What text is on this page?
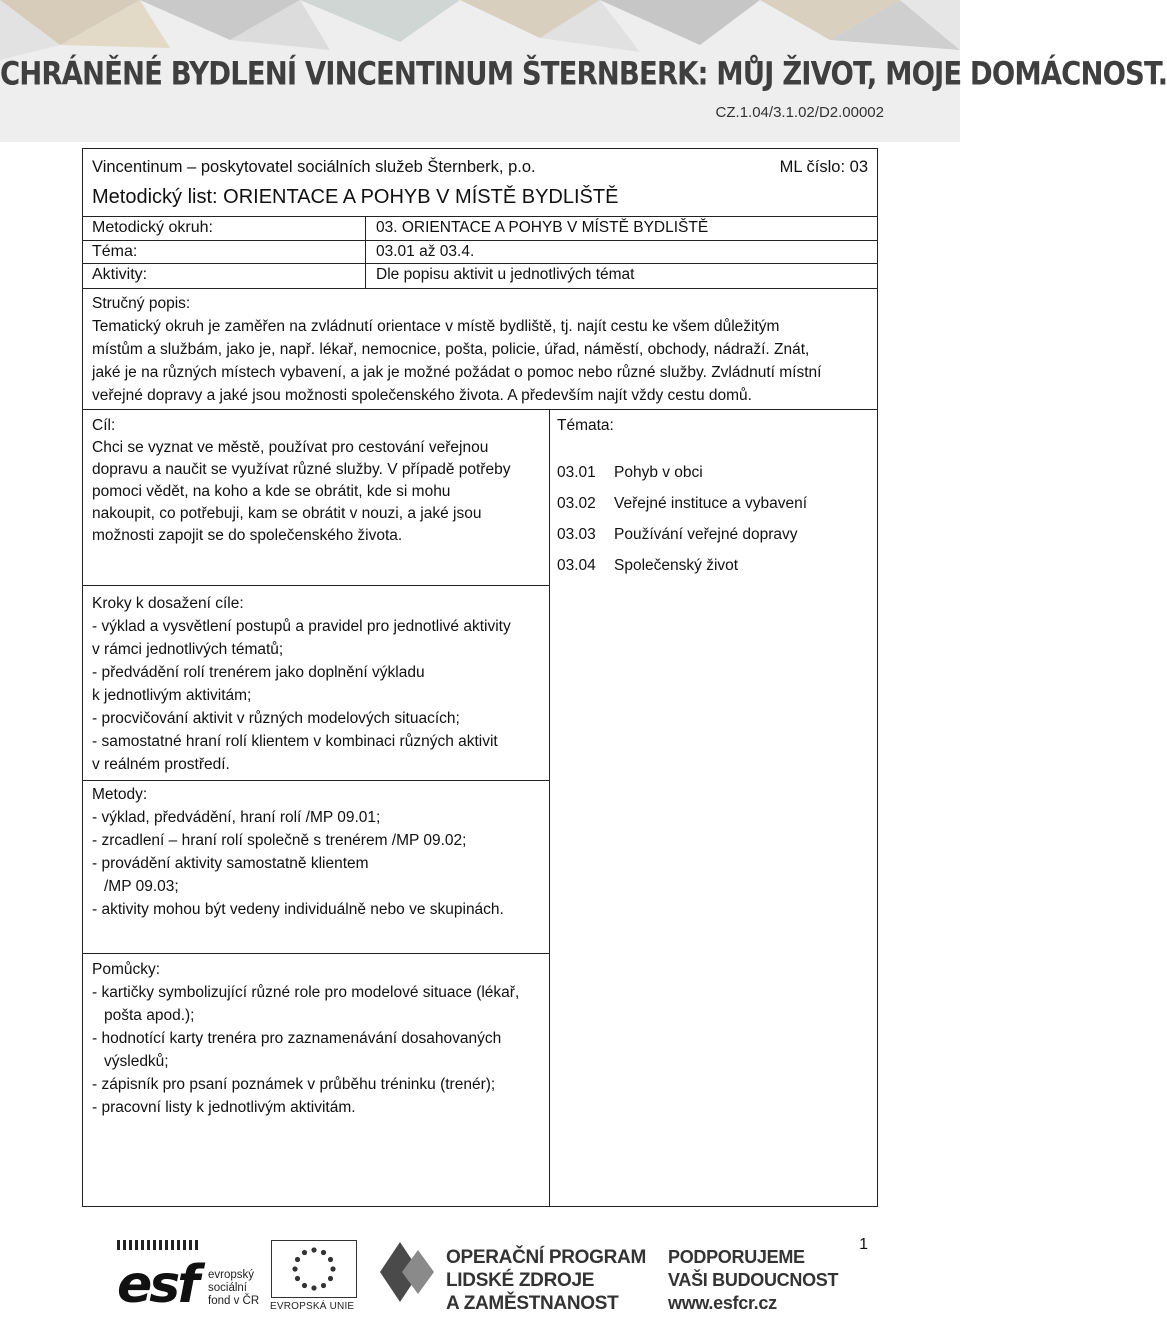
CHRÁNĚNÉ BYDLENÍ VINCENTINUM ŠTERNBERK: MŮJ ŽIVOT, MOJE DOMÁCNOST.
CZ.1.04/3.1.02/D2.00002
Vincentinum – poskytovatel sociálních služeb Šternberk, p.o.	ML číslo: 03
Metodický list: ORIENTACE A POHYB V MÍSTĚ BYDLIŠTĚ
Metodický okruh:	03. ORIENTACE A POHYB V MÍSTĚ BYDLIŠTĚ
Téma:	03.01 až 03.4.
Aktivity:	Dle popisu aktivit u jednotlivých témat

Stručný popis:

Tematický okruh je zaměřen na zvládnutí orientace v místě bydliště, tj. najít cestu ke všem důležitým

místům a službám, jako je, např. lékař, nemocnice, pošta, policie, úřad, náměstí, obchody, nádraží. Znát,

jaké je na různých místech vybavení, a jak je možné požádat o pomoc nebo různé služby. Zvládnutí místní

veřejné dopravy a jaké jsou možnosti společenského života. A především najít vždy cestu domů.

Cíl:
Chci se vyznat ve městě, používat pro cestování veřejnou
dopravu a naučit se využívat různé služby. V případě potřeby
pomoci vědět, na koho a kde se obrátit, kde si mohu
nakoupit, co potřebuji, kam se obrátit v nouzi, a jaké jsou
možnosti zapojit se do společenského života.
Kroky k dosažení cíle:
- výklad a vysvětlení postupů a pravidel pro jednotlivé aktivity
v rámci jednotlivých tématů;
- předvádění rolí trenérem jako doplnění výkladu
k jednotlivým aktivitám;
- procvičování aktivit v různých modelových situacích;
- samostatné hraní rolí klientem v kombinaci různých aktivit
v reálném prostředí.
Metody:
- výklad, předvádění, hraní rolí /MP 09.01;
- zrcadlení – hraní rolí společně s trenérem /MP 09.02;
- provádění aktivity samostatně klientem
/MP 09.03;
- aktivity mohou být vedeny individuálně nebo ve skupinách.
Pomůcky:
- kartičky symbolizující různé role pro modelové situace (lékař,
pošta apod.);
- hodnotící karty trenéra pro zaznamenávání dosahovaných
výsledků;
- zápisník pro psaní poznámek v průběhu tréninku (trenér);
- pracovní listy k jednotlivým aktivitám.
Témata:
03.01	Pohyb v obci
03.02	Veřejné instituce a vybavení
03.03	Používání veřejné dopravy
03.04	Společenský život
1
esf evropský
sociální
fond v ČR EVROPSKÁ UNIE
OPERAČNÍ PROGRAM
LIDSKÉ ZDROJE
A ZAMĚSTNANOST
PODPORUJEME
VAŠI BUDOUCNOST
www.esfcr.cz
